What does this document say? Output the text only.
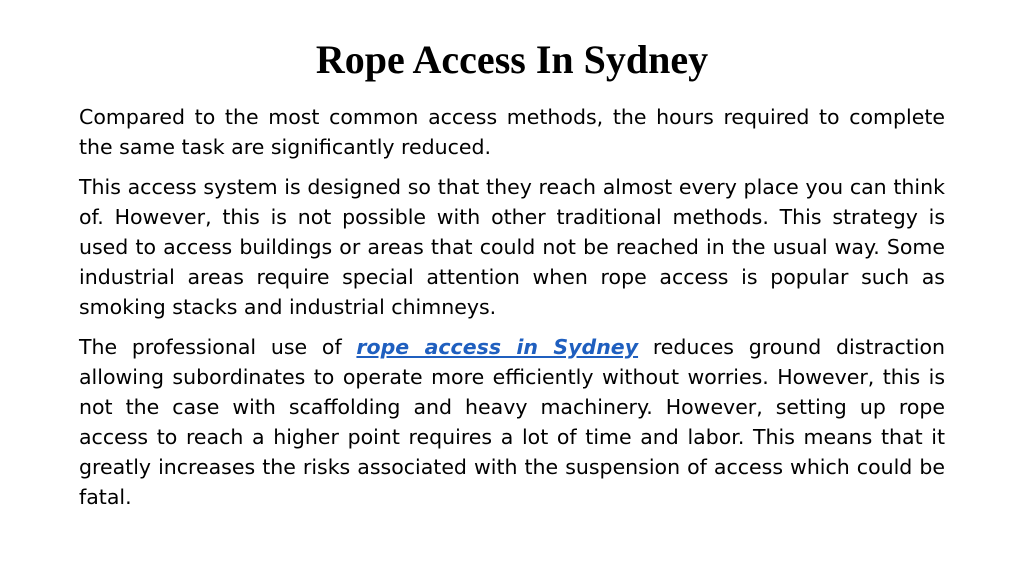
Rope Access In Sydney

Compared to the most common access methods, the hours required to complete the same task are significantly reduced.

This access system is designed so that they reach almost every place you can think of. However, this is not possible with other traditional methods. This strategy is used to access buildings or areas that could not be reached in the usual way. Some industrial areas require special attention when rope access is popular such as smoking stacks and industrial chimneys.

The professional use of rope access in Sydney reduces ground distraction allowing subordinates to operate more efficiently without worries. However, this is not the case with scaffolding and heavy machinery. However, setting up rope access to reach a higher point requires a lot of time and labor. This means that it greatly increases the risks associated with the suspension of access which could be fatal.
